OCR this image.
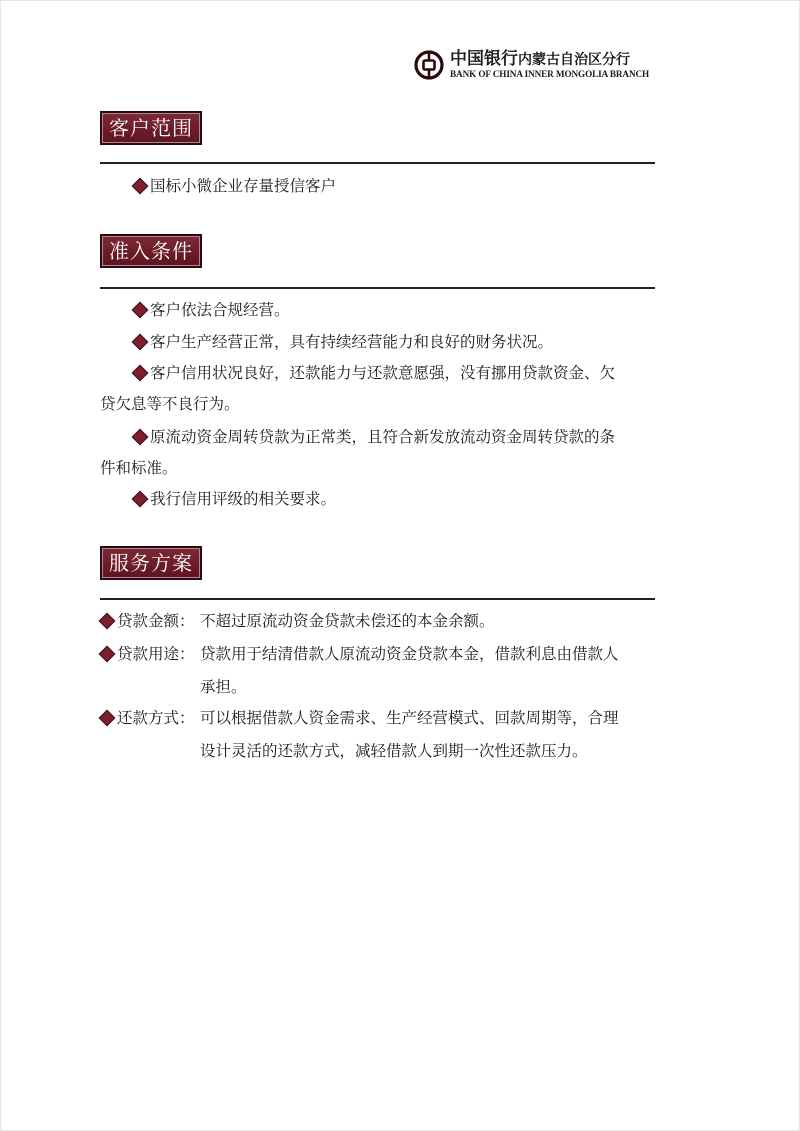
中国银行内蒙古自治区分行
BANK OF CHINA INNER MONGOLIA BRANCH
客户范围
国标小微企业存量授信客户
准入条件
客户依法合规经营。
客户生产经营正常，具有持续经营能力和良好的财务状况。
客户信用状况良好，还款能力与还款意愿强，没有挪用贷款资金、欠
贷欠息等不良行为。
原流动资金周转贷款为正常类，且符合新发放流动资金周转贷款的条
件和标准。
我行信用评级的相关要求。
服务方案
贷款金额： 不超过原流动资金贷款未偿还的本金余额。
贷款用途： 贷款用于结清借款人原流动资金贷款本金，借款利息由借款人
承担。
还款方式： 可以根据借款人资金需求、生产经营模式、回款周期等，合理
设计灵活的还款方式，减轻借款人到期一次性还款压力。
